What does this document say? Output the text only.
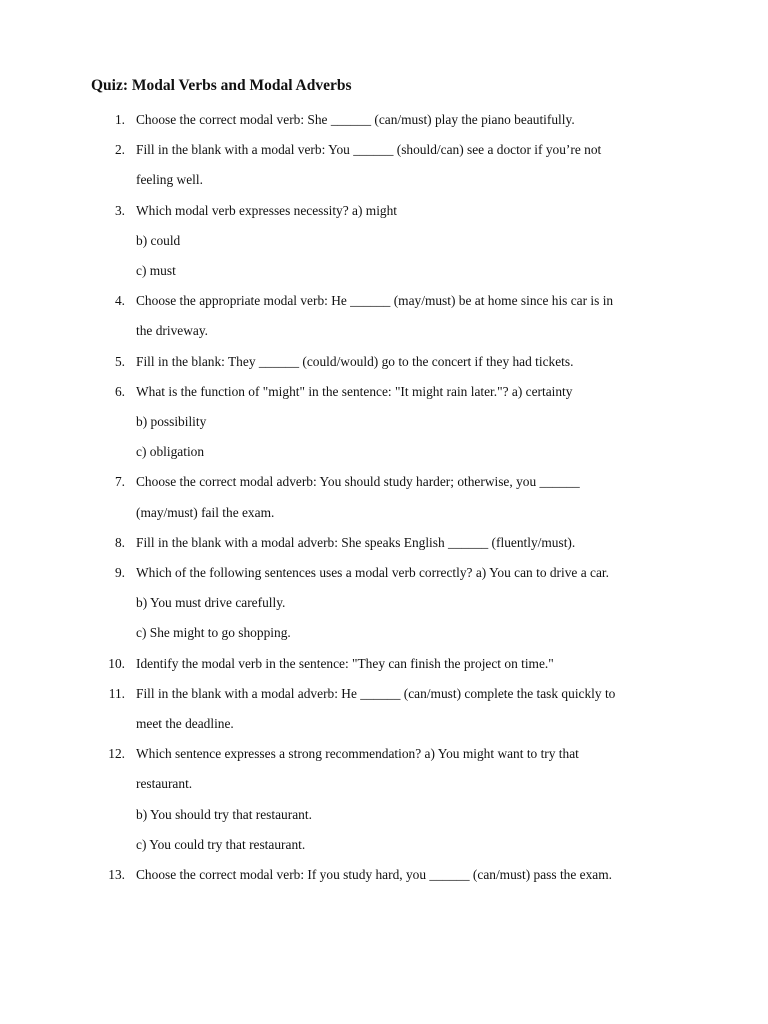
Quiz: Modal Verbs and Modal Adverbs
1. Choose the correct modal verb: She ______ (can/must) play the piano beautifully.
2. Fill in the blank with a modal verb: You ______ (should/can) see a doctor if you’re not
feeling well.
3. Which modal verb expresses necessity? a) might
b) could
c) must
4. Choose the appropriate modal verb: He ______ (may/must) be at home since his car is in
the driveway.
5. Fill in the blank: They ______ (could/would) go to the concert if they had tickets.
6. What is the function of "might" in the sentence: "It might rain later."? a) certainty
b) possibility
c) obligation
7. Choose the correct modal adverb: You should study harder; otherwise, you ______
(may/must) fail the exam.
8. Fill in the blank with a modal adverb: She speaks English ______ (fluently/must).
9. Which of the following sentences uses a modal verb correctly? a) You can to drive a car.
b) You must drive carefully.
c) She might to go shopping.
10. Identify the modal verb in the sentence: "They can finish the project on time."
11. Fill in the blank with a modal adverb: He ______ (can/must) complete the task quickly to
meet the deadline.
12. Which sentence expresses a strong recommendation? a) You might want to try that
restaurant.
b) You should try that restaurant.
c) You could try that restaurant.
13. Choose the correct modal verb: If you study hard, you ______ (can/must) pass the exam.
